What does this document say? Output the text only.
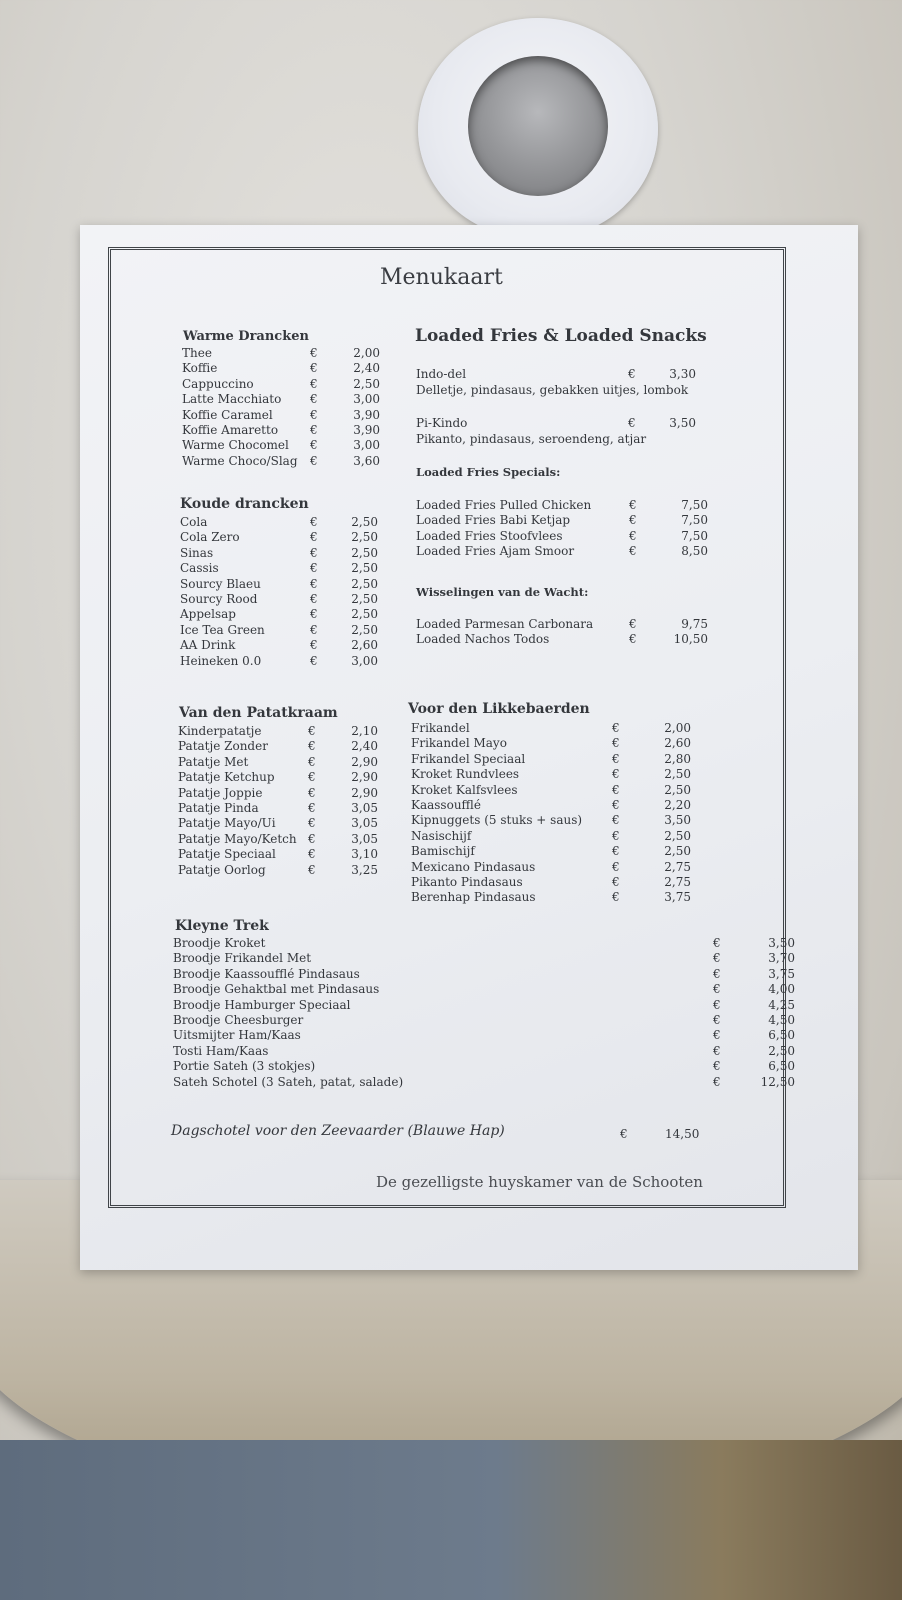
Menukaart
Warme Drancken
Thee	€	2,00
Koffie	€	2,40
Cappuccino	€	2,50
Latte Macchiato €	3,00
Koffie Caramel	€	3,90
Koffie Amaretto	€	3,90
Warme Chocomel €	3,00
Warme Choco/Slag €	3,60
Koude drancken
Cola	€	2,50
Cola Zero	€	2,50
Sinas	€	2,50
Cassis	€	2,50
Sourcy Blaeu	€	2,50
Sourcy Rood	€	2,50
Appelsap	€	2,50
Ice Tea Green	€	2,50
AA Drink	€	2,60
Heineken 0.0	€	3,00
Loaded Fries & Loaded Snacks
Indo-del	€	3,30
Delletje, pindasaus, gebakken uitjes, lombok
Pi-Kindo	€	3,50
Pikanto, pindasaus, seroendeng, atjar
Loaded Fries Specials:
Loaded Fries Pulled Chicken	€	7,50
Loaded Fries Babi Ketjap	€	7,50
Loaded Fries Stoofvlees	€	7,50
Loaded Fries Ajam Smoor	€	8,50
Wisselingen van de Wacht:
Loaded Parmesan Carbonara	€	9,75
Loaded Nachos Todos	€	10,50
Van den Patatkraam
Kinderpatatje	€	2,10
Patatje Zonder	€	2,40
Patatje Met	€	2,90
Patatje Ketchup	€	2,90
Patatje Joppie	€	2,90
Patatje Pinda	€	3,05
Patatje Mayo/Ui	€	3,05
Patatje Mayo/Ketch €	3,05
Patatje Speciaal	€	3,10
Patatje Oorlog	€	3,25
Voor den Likkebaerden
Frikandel	€	2,00
Frikandel Mayo	€	2,60
Frikandel Speciaal	€	2,80
Kroket Rundvlees	€	2,50
Kroket Kalfsvlees	€	2,50
Kaassoufflé	€	2,20
Kipnuggets (5 stuks + saus) €	3,50
Nasischijf	€	2,50
Bamischijf	€	2,50
Mexicano Pindasaus	€	2,75
Pikanto Pindasaus	€	2,75
Berenhap Pindasaus	€	3,75
Kleyne Trek
Broodje Kroket	€	3,50
Broodje Frikandel Met	€	3,70
Broodje Kaassoufflé Pindasaus	€	3,75
Broodje Gehaktbal met Pindasaus	€	4,00
Broodje Hamburger Speciaal	€	4,25
Broodje Cheesburger	€	4,50
Uitsmijter Ham/Kaas	€	6,50
Tosti Ham/Kaas	€	2,50
Portie Sateh (3 stokjes)	€	6,50
Sateh Schotel (3 Sateh, patat, salade)	€	12,50
Dagschotel voor den Zeevaarder (Blauwe Hap)	€	14,50
De gezelligste huyskamer van de Schooten
